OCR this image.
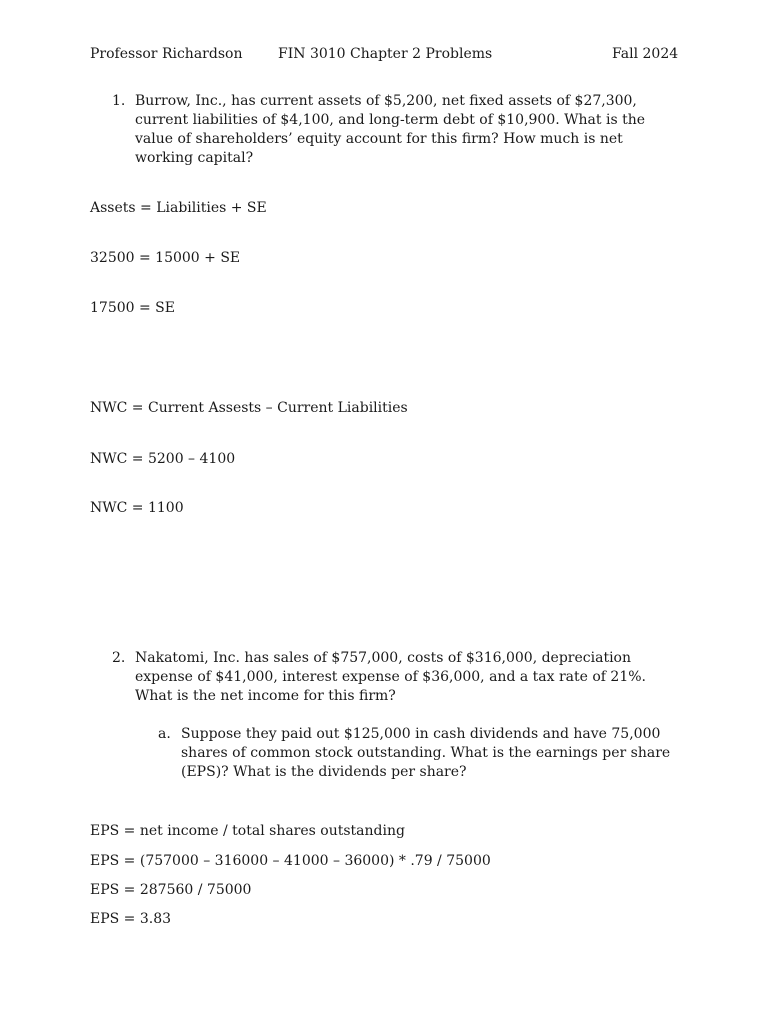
Professor Richardson	FIN 3010 Chapter 2 Problems	Fall 2024
1. Burrow, Inc., has current assets of $5,200, net fixed assets of $27,300,
current liabilities of $4,100, and long-term debt of $10,900. What is the
value of shareholders’ equity account for this firm? How much is net
working capital?
Assets = Liabilities + SE
32500 = 15000 + SE
17500 = SE
NWC = Current Assests – Current Liabilities
NWC = 5200 – 4100
NWC = 1100
2. Nakatomi, Inc. has sales of $757,000, costs of $316,000, depreciation
expense of $41,000, interest expense of $36,000, and a tax rate of 21%.
What is the net income for this firm?
a. Suppose they paid out $125,000 in cash dividends and have 75,000
shares of common stock outstanding. What is the earnings per share
(EPS)? What is the dividends per share?
EPS = net income / total shares outstanding
EPS = (757000 – 316000 – 41000 – 36000) * .79 / 75000
EPS = 287560 / 75000
EPS = 3.83
